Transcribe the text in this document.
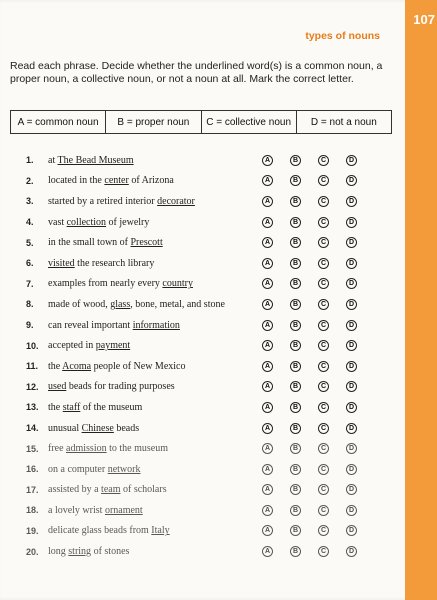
types of nouns
Read each phrase. Decide whether the underlined word(s) is a common noun, a proper noun, a collective noun, or not a noun at all. Mark the correct letter.
A = common noun	B = proper noun	C = collective noun	D = not a noun
1.	at The Bead Museum	A	B	C	D
2.	located in the center of Arizona	A	B	C	D
3.	started by a retired interior decorator	A	B	C	D
4.	vast collection of jewelry	A	B	C	D
5.	in the small town of Prescott	A	B	C	D
6.	visited the research library	A	B	C	D
7.	examples from nearly every country	A	B	C	D
8.	made of wood, glass, bone, metal, and stone	A	B	C	D
9.	can reveal important information	A	B	C	D
10. accepted in payment	A	B	C	D
11. the Acoma people of New Mexico	A	B	C	D
12. used beads for trading purposes	A	B	C	D
13. the staff of the museum	A	B	C	D
14. unusual Chinese beads	A	B	C	D
15. free admission to the museum	A	B	C	D
16. on a computer network	A	B	C	D
17. assisted by a team of scholars	A	B	C	D
18. a lovely wrist ornament	A	B	C	D
19. delicate glass beads from Italy	A	B	C	D
20. long string of stones	A	B	C	D
107
